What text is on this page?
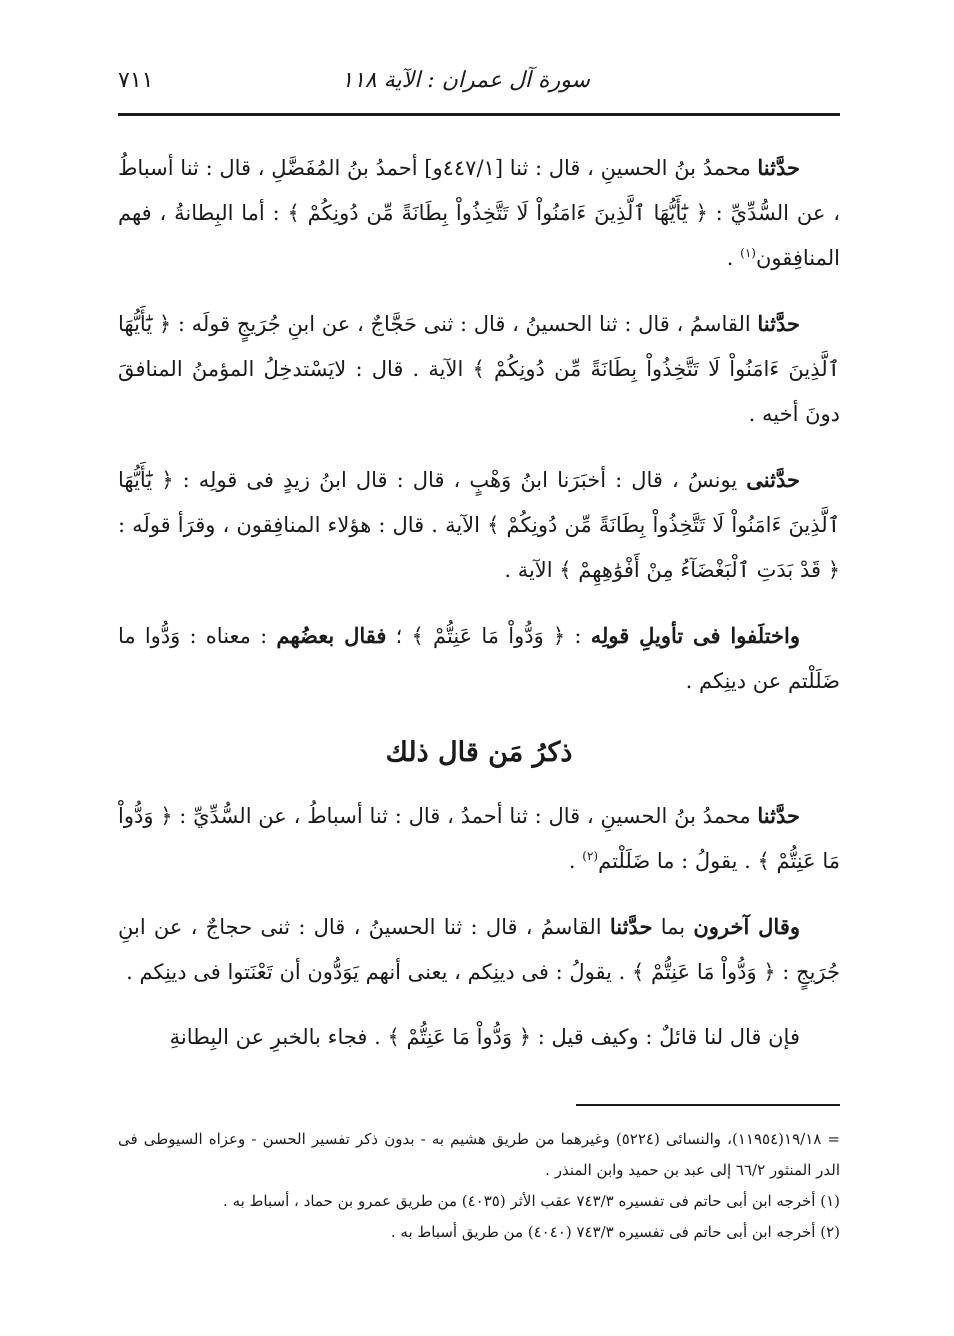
سورة آل عمران : الآية ١١٨
٧١١

حدَّثنا محمدُ بنُ الحسينِ ، قال : ثنا [٤٤٧/١و] أحمدُ بنُ المُفَضَّلِ ، قال : ثنا أسباطُ ، عن السُّدِّيِّ : ﴿ يَٰٓأَيُّهَا ٱلَّذِينَ ءَامَنُواْ لَا تَتَّخِذُواْ بِطَانَةً مِّن دُونِكُمْ ﴾ : أما البِطانةُ ، فهم المنافِقون$^{(١)}$ .

حدَّثنا القاسمُ ، قال : ثنا الحسينُ ، قال : ثنى حَجَّاجٌ ، عن ابنِ جُرَيجٍ قولَه : ﴿ يَٰٓأَيُّهَا ٱلَّذِينَ ءَامَنُواْ لَا تَتَّخِذُواْ بِطَانَةً مِّن دُونِكُمْ ﴾ الآية . قال : لايَسْتدخِلُ المؤمنُ المنافقَ دونَ أخيه .

حدَّثنى يونسُ ، قال : أخبَرَنا ابنُ وَهْبٍ ، قال : قال ابنُ زيدٍ فى قولِه : ﴿ يَٰٓأَيُّهَا ٱلَّذِينَ ءَامَنُواْ لَا تَتَّخِذُواْ بِطَانَةً مِّن دُونِكُمْ ﴾ الآية . قال : هؤلاء المنافِقون ، وقرَأ قولَه : ﴿ قَدْ بَدَتِ ٱلْبَغْضَآءُ مِنْ أَفْوَٰهِهِمْ ﴾ الآية .

واختلَفوا فى تأويلِ قولِه : ﴿ وَدُّواْ مَا عَنِتُّمْ ﴾ ؛ فقال بعضُهم : معناه : وَدُّوا ما ضَلَلْتم عن دينِكم .

ذكرُ مَن قال ذلك

حدَّثنا محمدُ بنُ الحسينِ ، قال : ثنا أحمدُ ، قال : ثنا أسباطُ ، عن السُّدِّيِّ : ﴿ وَدُّواْ مَا عَنِتُّمْ ﴾ . يقولُ : ما ضَلَلْتم$^{(٢)}$ .

وقال آخرون بما حدَّثنا القاسمُ ، قال : ثنا الحسينُ ، قال : ثنى حجاجٌ ، عن ابنِ جُرَيجٍ : ﴿ وَدُّواْ مَا عَنِتُّمْ ﴾ . يقولُ : فى دينِكم ، يعنى أنهم يَوَدُّون أن تَعْنَتوا فى دينِكم .

فإن قال لنا قائلٌ : وكيف قيل : ﴿ وَدُّواْ مَا عَنِتُّمْ ﴾ . فجاء بالخبرِ عن البِطانةِ

= ١٩/١٨(١١٩٥٤)، والنسائى (٥٢٢٤) وغيرهما من طريق هشيم به - بدون ذكر تفسير الحسن - وعزاه السيوطى فى الدر المنثور ٦٦/٢ إلى عبد بن حميد وابن المنذر .

(١) أخرجه ابن أبى حاتم فى تفسيره ٧٤٣/٣ عقب الأثر (٤٠٣٥) من طريق عمرو بن حماد ، أسباط به .

(٢) أخرجه ابن أبى حاتم فى تفسيره ٧٤٣/٣ (٤٠٤٠) من طريق أسباط به .
